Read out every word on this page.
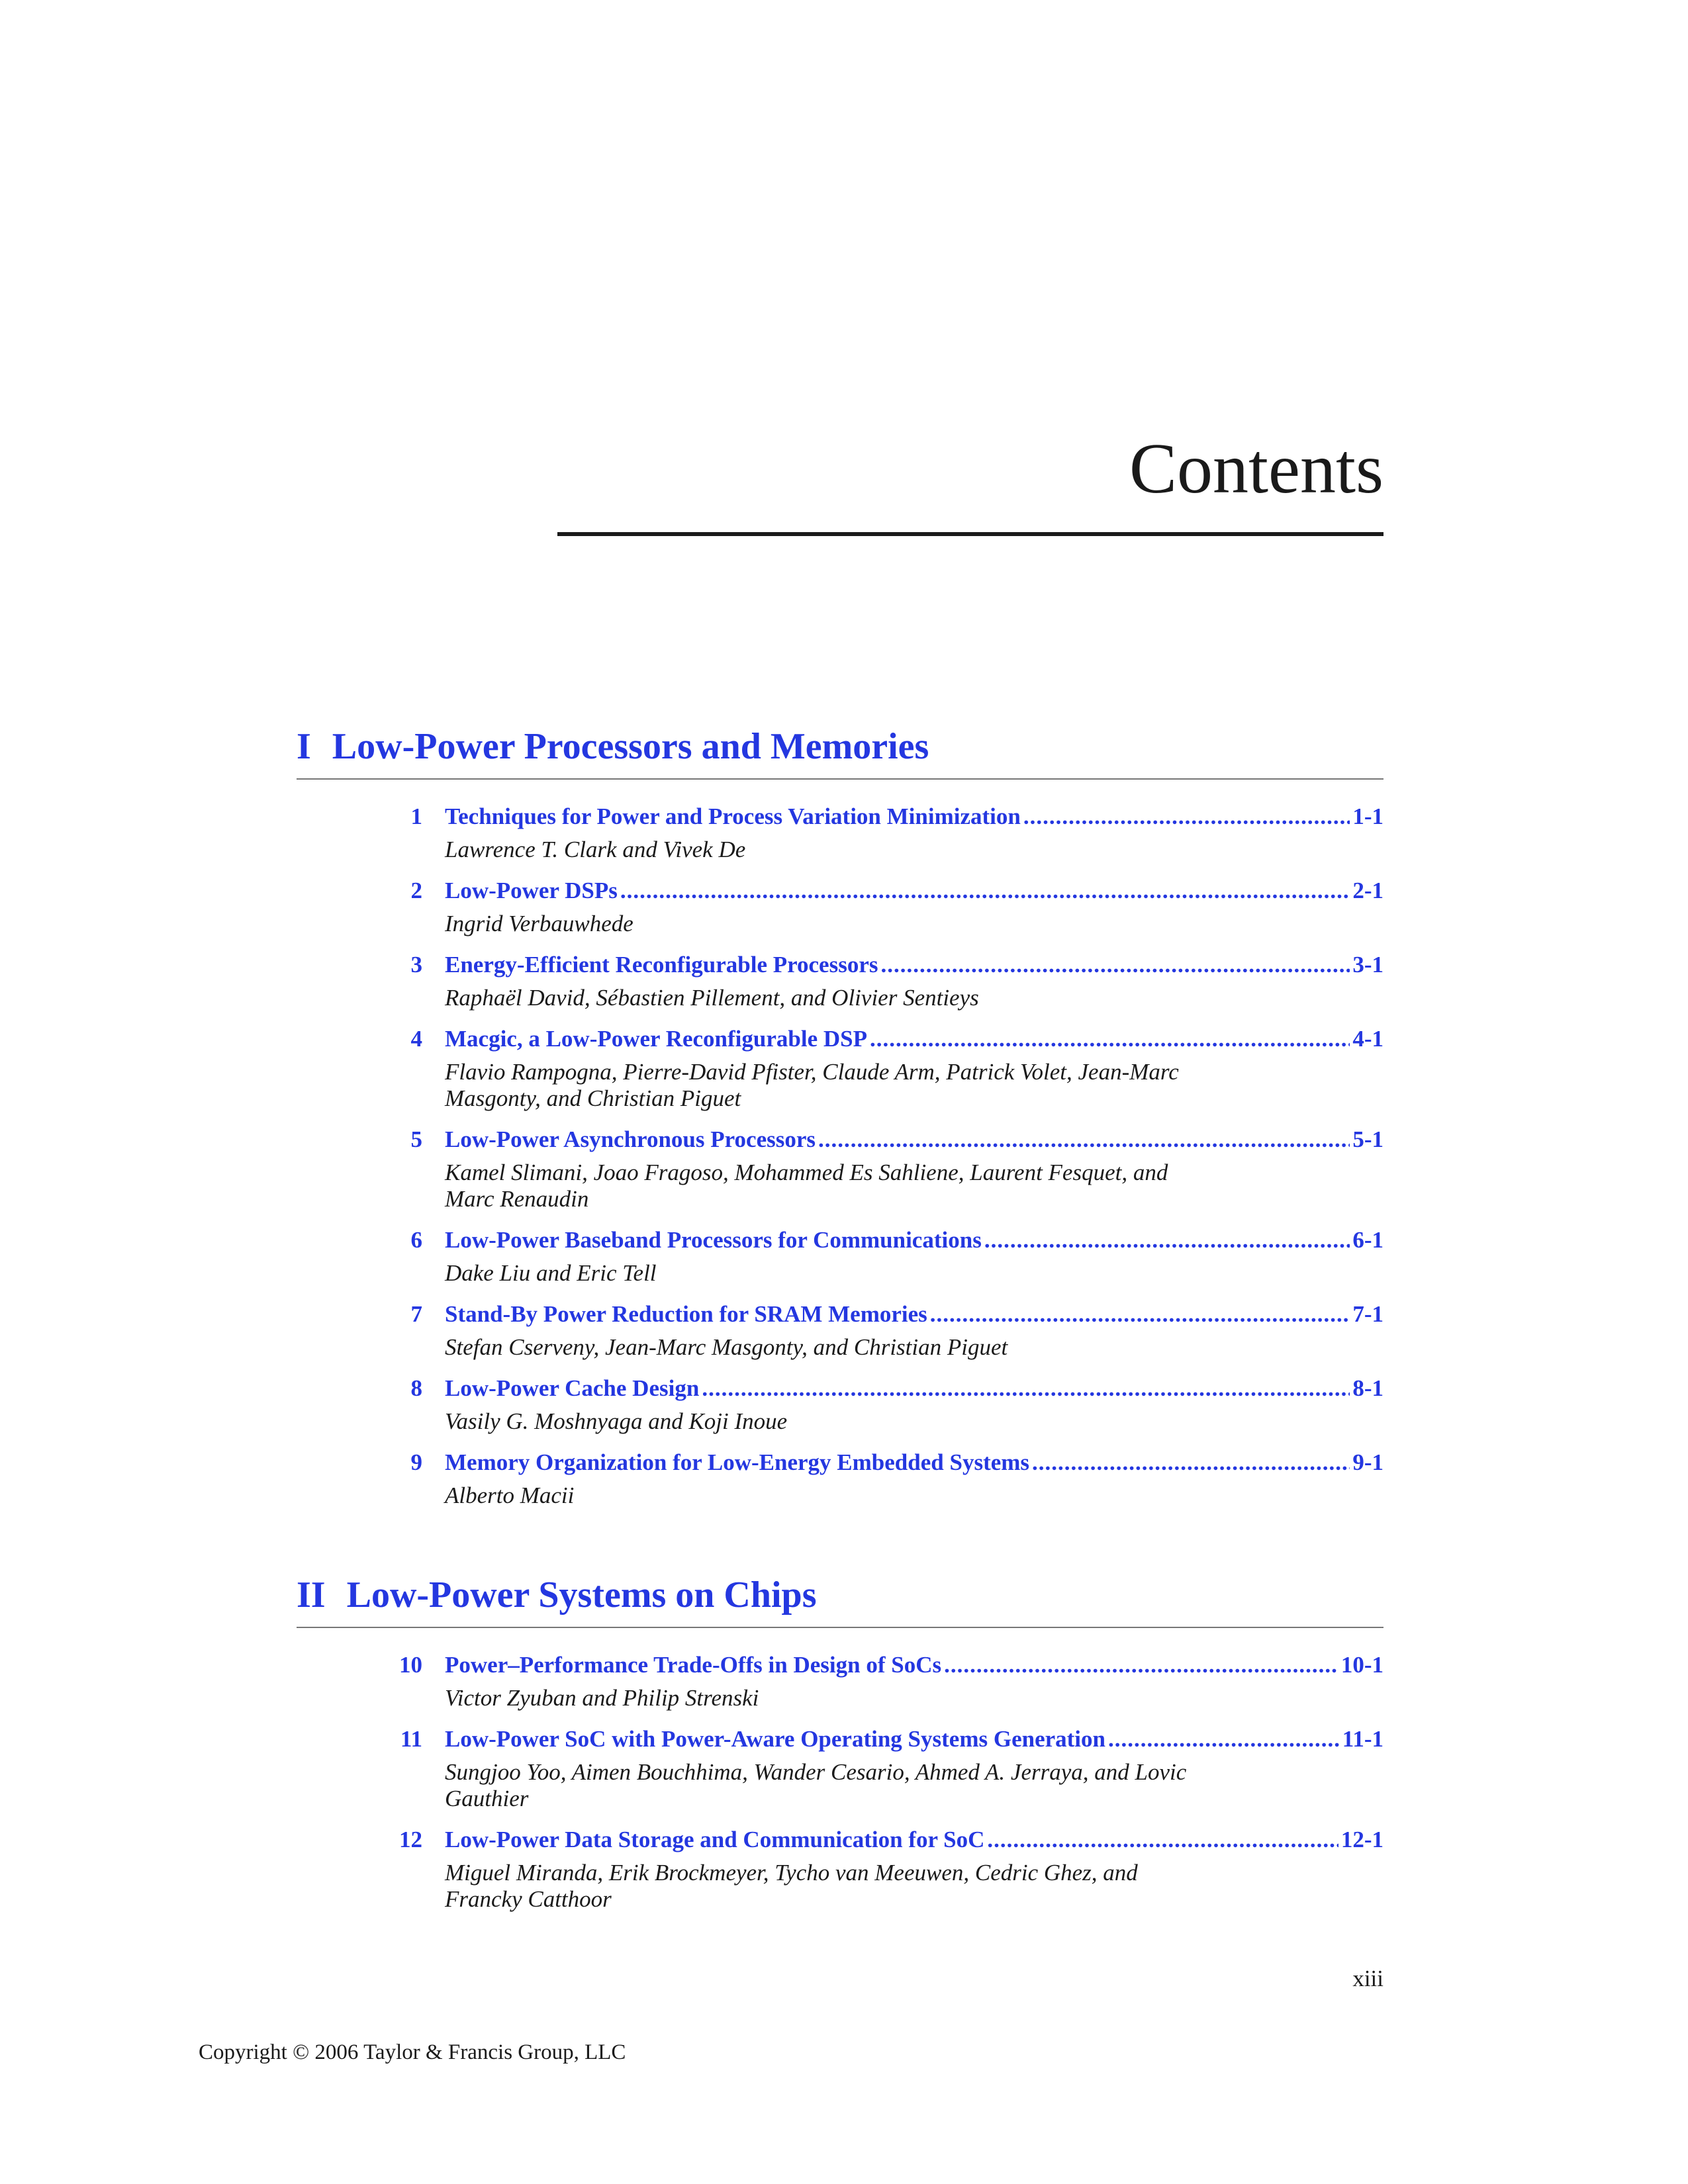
Contents
I Low-Power Processors and Memories
1 Techniques for Power and Process Variation Minimization .....	1-1
Lawrence T. Clark and Vivek De
2 Low-Power DSPs .....	2-1
Ingrid Verbauwhede
3 Energy-Efficient Reconfigurable Processors .....	3-1
Raphaël David, Sébastien Pillement, and Olivier Sentieys
4 Macgic, a Low-Power Reconfigurable DSP .....	4-1
Flavio Rampogna, Pierre-David Pfister, Claude Arm, Patrick Volet, Jean-Marc Masgonty, and Christian Piguet
5 Low-Power Asynchronous Processors .....	5-1
Kamel Slimani, Joao Fragoso, Mohammed Es Sahliene, Laurent Fesquet, and Marc Renaudin
6 Low-Power Baseband Processors for Communications .....	6-1
Dake Liu and Eric Tell
7 Stand-By Power Reduction for SRAM Memories .....	7-1
Stefan Cserveny, Jean-Marc Masgonty, and Christian Piguet
8 Low-Power Cache Design .....	8-1
Vasily G. Moshnyaga and Koji Inoue
9 Memory Organization for Low-Energy Embedded Systems .....	9-1
Alberto Macii
II Low-Power Systems on Chips
10 Power–Performance Trade-Offs in Design of SoCs .....	10-1
Victor Zyuban and Philip Strenski
11 Low-Power SoC with Power-Aware Operating Systems Generation .....	11-1
Sungjoo Yoo, Aimen Bouchhima, Wander Cesario, Ahmed A. Jerraya, and Lovic Gauthier
12 Low-Power Data Storage and Communication for SoC .....	12-1
Miguel Miranda, Erik Brockmeyer, Tycho van Meeuwen, Cedric Ghez, and Francky Catthoor
xiii
Copyright © 2006 Taylor & Francis Group, LLC
